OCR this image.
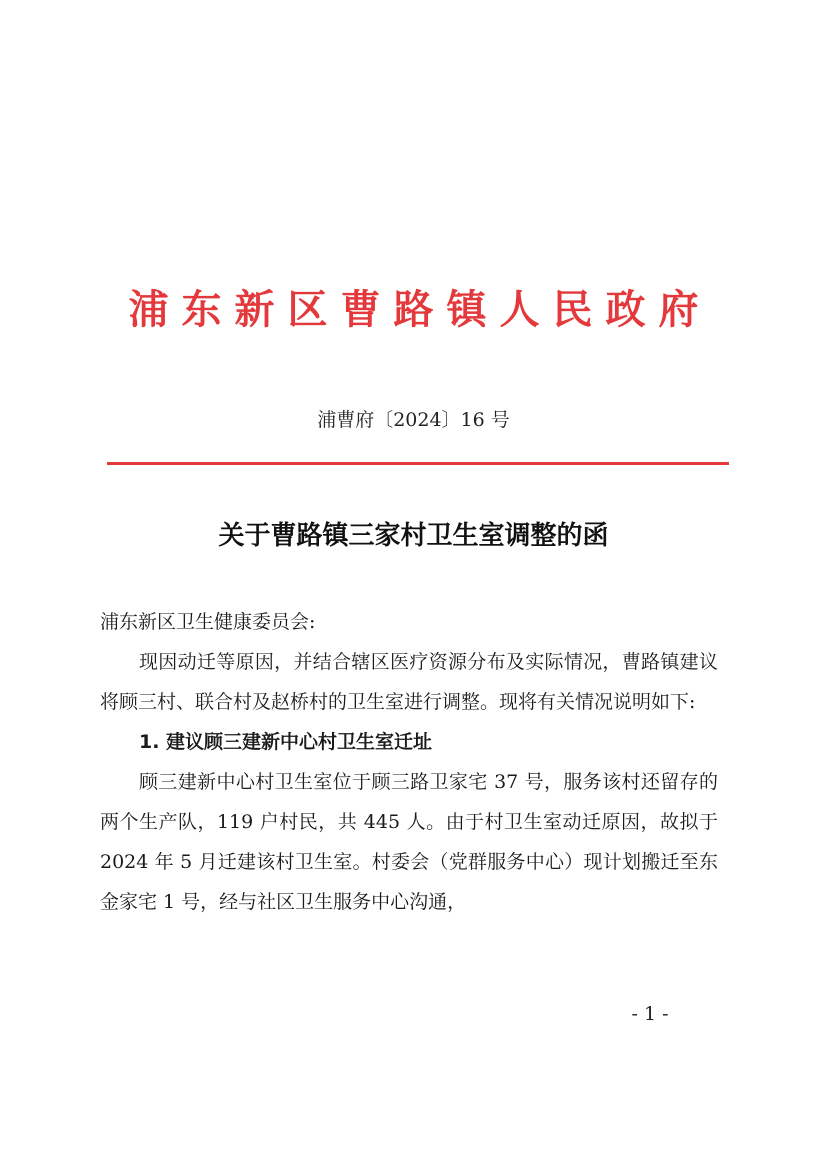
浦东新区曹路镇人民政府
浦曹府〔2024〕16 号
关于曹路镇三家村卫生室调整的函

浦东新区卫生健康委员会:

现因动迁等原因，并结合辖区医疗资源分布及实际情况，曹路镇建议将顾三村、联合村及赵桥村的卫生室进行调整。现将有关情况说明如下:

1. 建议顾三建新中心村卫生室迁址

顾三建新中心村卫生室位于顾三路卫家宅 37 号，服务该村还留存的两个生产队，119 户村民，共 445 人。由于村卫生室动迁原因，故拟于 2024 年 5 月迁建该村卫生室。村委会（党群服务中心）现计划搬迁至东金家宅 1 号，经与社区卫生服务中心沟通，

- 1 -
